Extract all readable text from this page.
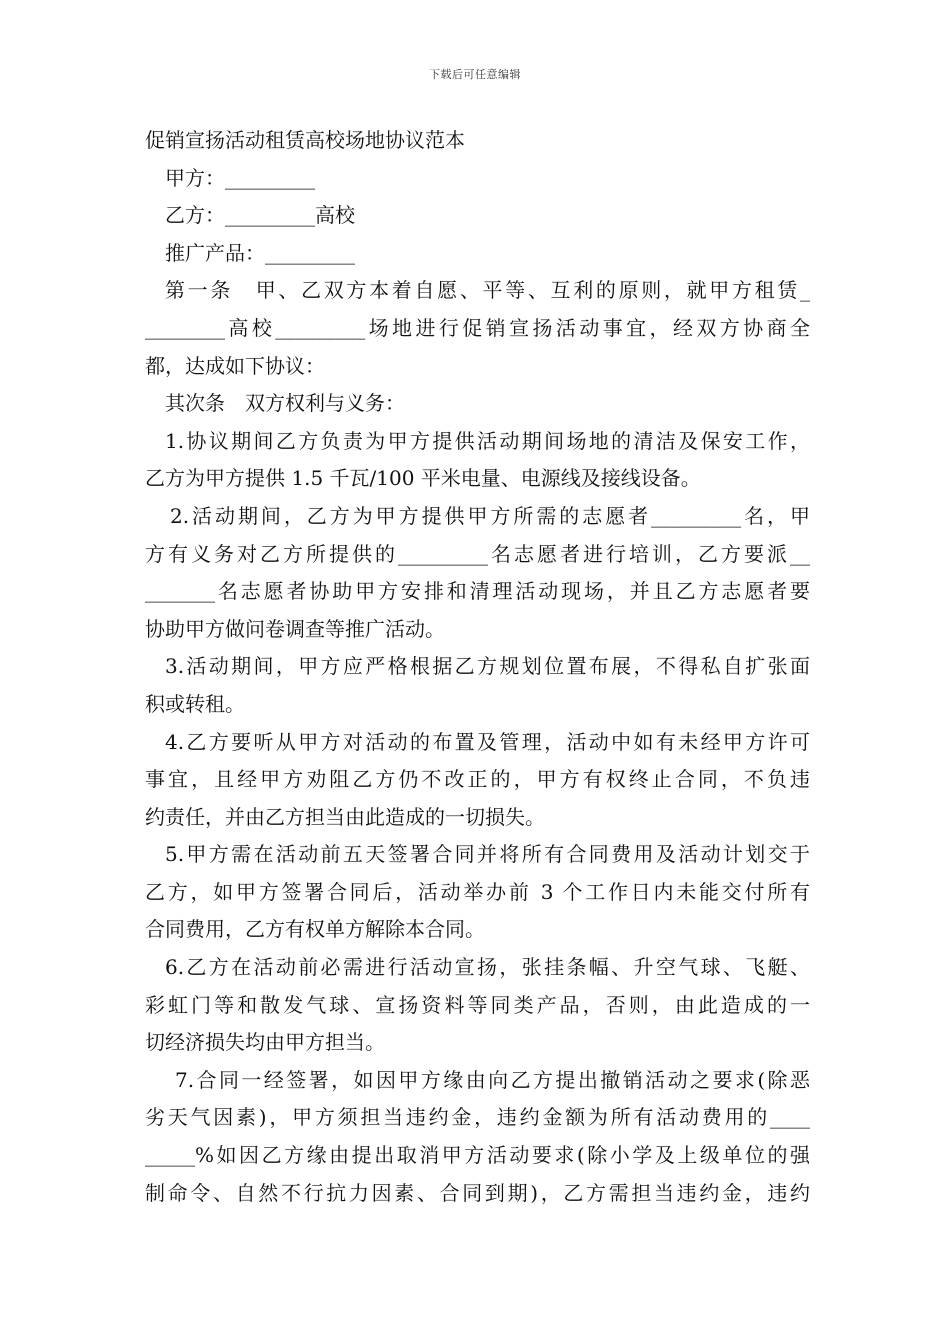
下载后可任意编辑
促销宣扬活动租赁高校场地协议范本
甲方：_________
乙方：_________高校
推广产品：_________
第一条　甲、乙双方本着自愿、平等、互利的原则，就甲方租赁_
________高校_________场地进行促销宣扬活动事宜，经双方协商全
都，达成如下协议：
其次条　双方权利与义务：
1.协议期间乙方负责为甲方提供活动期间场地的清洁及保安工作，
乙方为甲方提供 1.5 千瓦/100 平米电量、电源线及接线设备。
2.活动期间，乙方为甲方提供甲方所需的志愿者_________名，甲
方有义务对乙方所提供的_________名志愿者进行培训，乙方要派__
_______名志愿者协助甲方安排和清理活动现场，并且乙方志愿者要
协助甲方做问卷调查等推广活动。
3.活动期间，甲方应严格根据乙方规划位置布展，不得私自扩张面
积或转租。
4.乙方要听从甲方对活动的布置及管理，活动中如有未经甲方许可
事宜，且经甲方劝阻乙方仍不改正的，甲方有权终止合同，不负违
约责任，并由乙方担当由此造成的一切损失。
5.甲方需在活动前五天签署合同并将所有合同费用及活动计划交于
乙方，如甲方签署合同后，活动举办前 3 个工作日内未能交付所有
合同费用，乙方有权单方解除本合同。
6.乙方在活动前必需进行活动宣扬，张挂条幅、升空气球、飞艇、
彩虹门等和散发气球、宣扬资料等同类产品，否则，由此造成的一
切经济损失均由甲方担当。
7.合同一经签署，如因甲方缘由向乙方提出撤销活动之要求(除恶
劣天气因素)，甲方须担当违约金，违约金额为所有活动费用的____
_____%如因乙方缘由提出取消甲方活动要求(除小学及上级单位的强
制命令、自然不行抗力因素、合同到期)，乙方需担当违约金，违约
